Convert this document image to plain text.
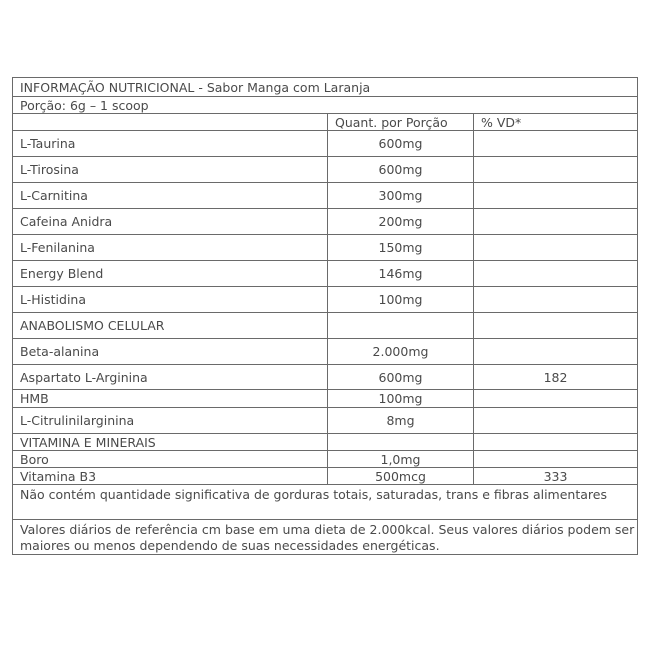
INFORMAÇÃO NUTRICIONAL - Sabor Manga com Laranja		
Porção: 6g – 1 scoop		
	Quant. por Porção	% VD*
L-Taurina	600mg	
L-Tirosina	600mg	
L-Carnitina	300mg	
Cafeina Anidra	200mg	
L-Fenilanina	150mg	
Energy Blend	146mg	
L-Histidina	100mg	
ANABOLISMO CELULAR		
Beta-alanina	2.000mg	
Aspartato L-Arginina	600mg	182
HMB	100mg	
L-Citrulinilarginina	8mg	
VITAMINA E MINERAIS		
Boro	1,0mg	
Vitamina B3	500mcg	333
Não contém quantidade significativa de gorduras totais, saturadas, trans e fibras alimentares		
Valores diários de referência cm base em uma dieta de 2.000kcal. Seus valores diários podem ser maiores ou menos dependendo de suas necessidades energéticas.		
